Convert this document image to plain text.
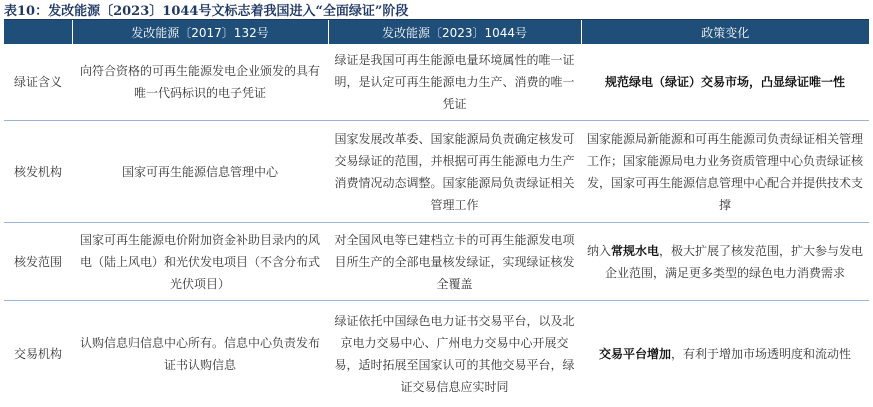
表10：发改能源〔2023〕1044号文标志着我国进入“全面绿证”阶段
	发改能源〔2017〕132号	发改能源〔2023〕1044号	政策变化
绿证含义	向符合资格的可再生能源发电企业颁发的具有唯一代码标识的电子凭证	绿证是我国可再生能源电量环境属性的唯一证明，是认定可再生能源电力生产、消费的唯一凭证	规范绿电（绿证）交易市场，凸显绿证唯一性
核发机构	国家可再生能源信息管理中心	国家发展改革委、国家能源局负责确定核发可交易绿证的范围，并根据可再生能源电力生产消费情况动态调整。国家能源局负责绿证相关管理工作	国家能源局新能源和可再生能源司负责绿证相关管理工作；国家能源局电力业务资质管理中心负责绿证核发，国家可再生能源信息管理中心配合并提供技术支撑
核发范围	国家可再生能源电价附加资金补助目录内的风电（陆上风电）和光伏发电项目（不含分布式光伏项目）	对全国风电等已建档立卡的可再生能源发电项目所生产的全部电量核发绿证，实现绿证核发全覆盖	纳入常规水电，极大扩展了核发范围，扩大参与发电企业范围，满足更多类型的绿色电力消费需求
交易机构	认购信息归信息中心所有。信息中心负责发布证书认购信息	绿证依托中国绿色电力证书交易平台，以及北京电力交易中心、广州电力交易中心开展交易，适时拓展至国家认可的其他交易平台，绿证交易信息应实时同	交易平台增加，有利于增加市场透明度和流动性
